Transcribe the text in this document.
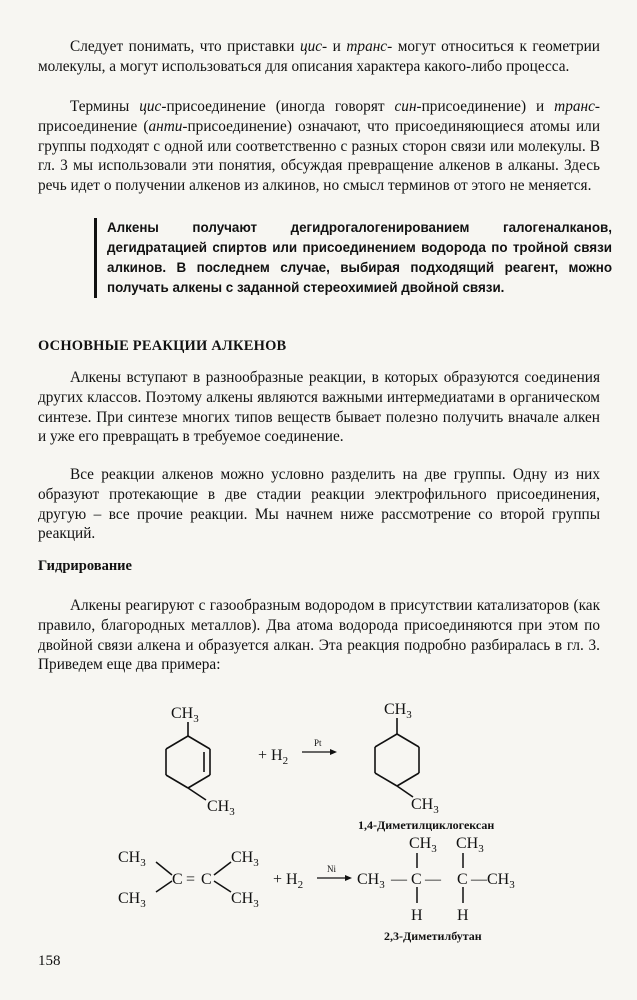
Следует понимать, что приставки цис- и транс- могут относиться к геометрии молекулы, а могут использоваться для описания характера какого-либо процесса.

Термины цис-присоединение (иногда говорят син-присоединение) и транс-присоединение (анти-присоединение) означают, что присоединяющиеся атомы или группы подходят с одной или соответственно с разных сторон связи или молекулы. В гл. 3 мы использовали эти понятия, обсуждая превращение алкенов в алканы. Здесь речь идет о получении алкенов из алкинов, но смысл терминов от этого не меняется.

Алкены получают дегидрогалогенированием галогеналканов, дегидратацией спиртов или присоединением водорода по тройной связи алкинов. В последнем случае, выбирая подходящий реагент, можно получать алкены с заданной стереохимией двойной связи.
ОСНОВНЫЕ РЕАКЦИИ АЛКЕНОВ

Алкены вступают в разнообразные реакции, в которых образуются соединения других классов. Поэтому алкены являются важными интермедиатами в органическом синтезе. При синтезе многих типов веществ бывает полезно получить вначале алкен и уже его превращать в требуемое соединение.

Все реакции алкенов можно условно разделить на две группы. Одну из них образуют протекающие в две стадии реакции электрофильного присоединения, другую – все прочие реакции. Мы начнем ниже рассмотрение со второй группы реакций.

Гидрирование

Алкены реагируют с газообразным водородом в присутствии катализаторов (как правило, благородных металлов). Два атома водорода присоединяются при этом по двойной связи алкена и образуется алкан. Эта реакция подробно разбиралась в гл. 3. Приведем еще два примера:

$CH_3$
$CH_3$
+ $H_2$
Pt
$CH_3$
$CH_3$
1,4-Диметилциклогексан
$CH_3$
$CH_3$
C = C
$CH_3$
$CH_3$
+ $H_2$
Ni
$CH_3$ $CH_3$
$CH_3$ — C — C — $CH_3$
H H
2,3-Диметилбутан
158
